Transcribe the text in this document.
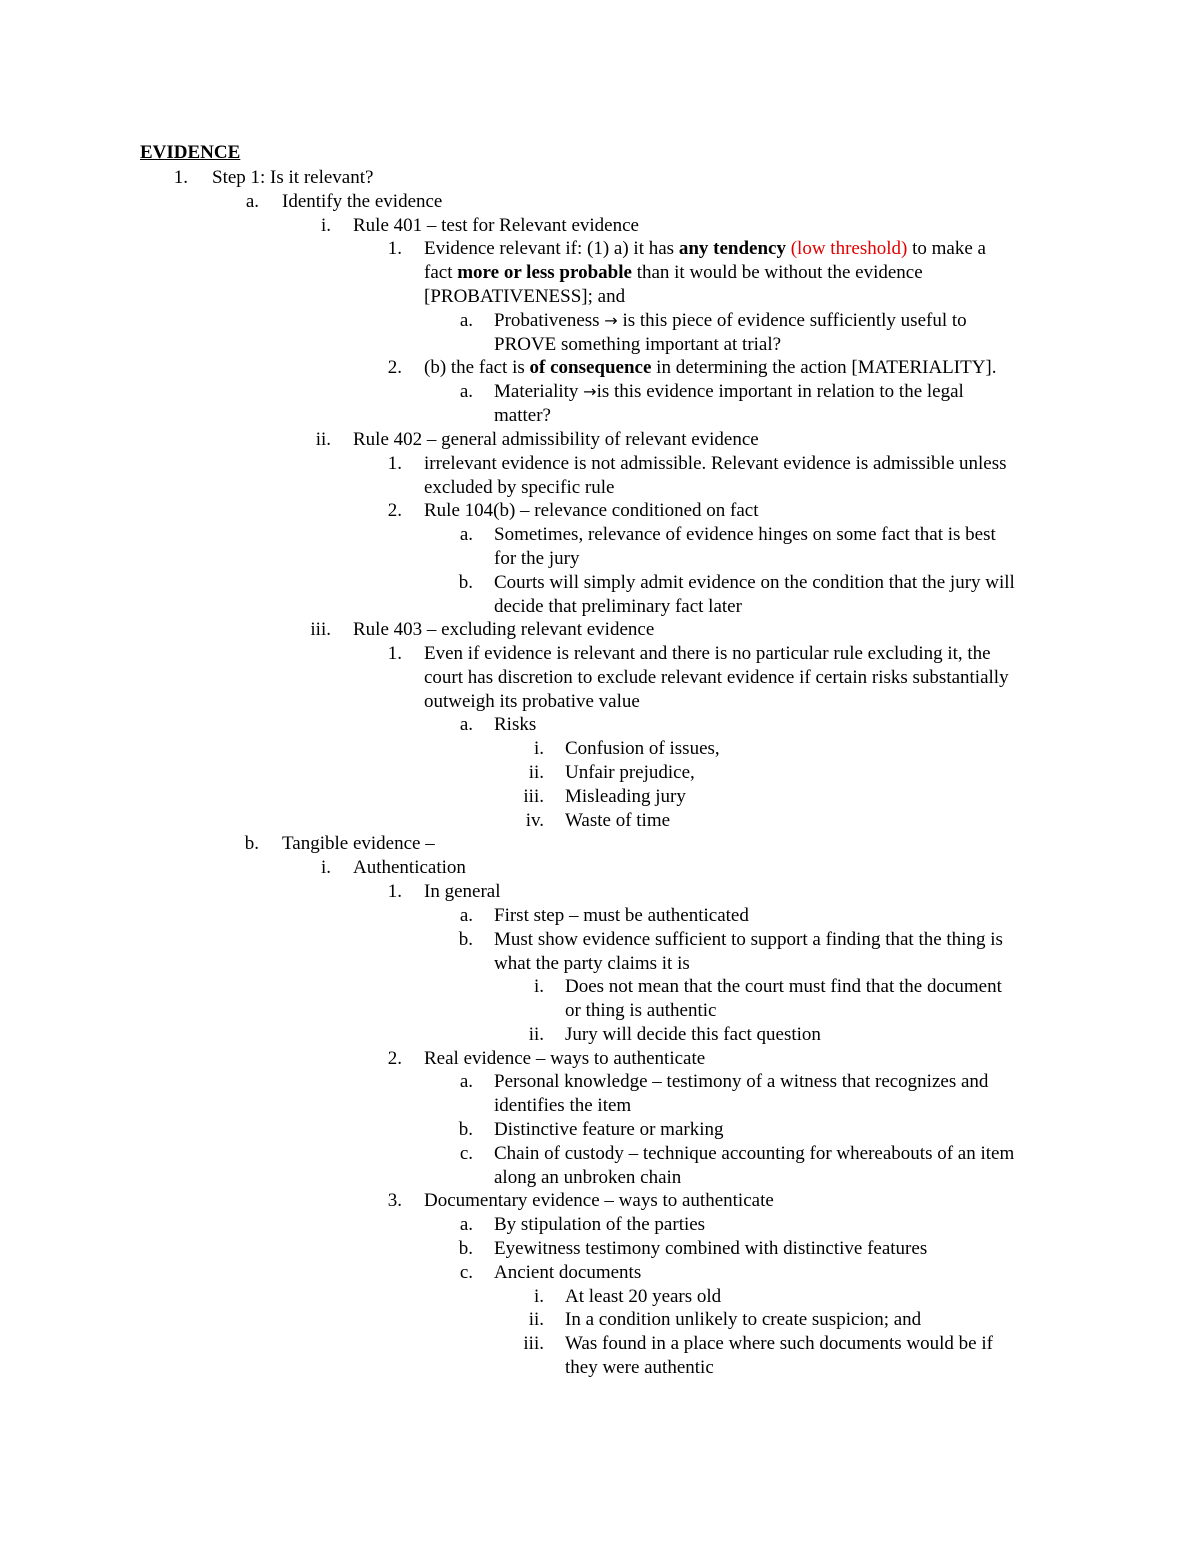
EVIDENCE
1. Step 1: Is it relevant?
a. Identify the evidence
i. Rule 401 – test for Relevant evidence
1. Evidence relevant if: (1) a) it has any tendency (low threshold) to make a
fact more or less probable than it would be without the evidence
[PROBATIVENESS]; and
a. Probativeness → is this piece of evidence sufficiently useful to
PROVE something important at trial?
2. (b) the fact is of consequence in determining the action [MATERIALITY].
a. Materiality →is this evidence important in relation to the legal
matter?
ii. Rule 402 – general admissibility of relevant evidence
1. irrelevant evidence is not admissible. Relevant evidence is admissible unless
excluded by specific rule
2. Rule 104(b) – relevance conditioned on fact
a. Sometimes, relevance of evidence hinges on some fact that is best
for the jury
b. Courts will simply admit evidence on the condition that the jury will
decide that preliminary fact later
iii. Rule 403 – excluding relevant evidence
1. Even if evidence is relevant and there is no particular rule excluding it, the
court has discretion to exclude relevant evidence if certain risks substantially
outweigh its probative value
a. Risks
i. Confusion of issues,
ii. Unfair prejudice,
iii. Misleading jury
iv. Waste of time
b. Tangible evidence –
i. Authentication
1. In general
a. First step – must be authenticated
b. Must show evidence sufficient to support a finding that the thing is
what the party claims it is
i. Does not mean that the court must find that the document
or thing is authentic
ii. Jury will decide this fact question
2. Real evidence – ways to authenticate
a. Personal knowledge – testimony of a witness that recognizes and
identifies the item
b. Distinctive feature or marking
c. Chain of custody – technique accounting for whereabouts of an item
along an unbroken chain
3. Documentary evidence – ways to authenticate
a. By stipulation of the parties
b. Eyewitness testimony combined with distinctive features
c. Ancient documents
i. At least 20 years old
ii. In a condition unlikely to create suspicion; and
iii. Was found in a place where such documents would be if
they were authentic
